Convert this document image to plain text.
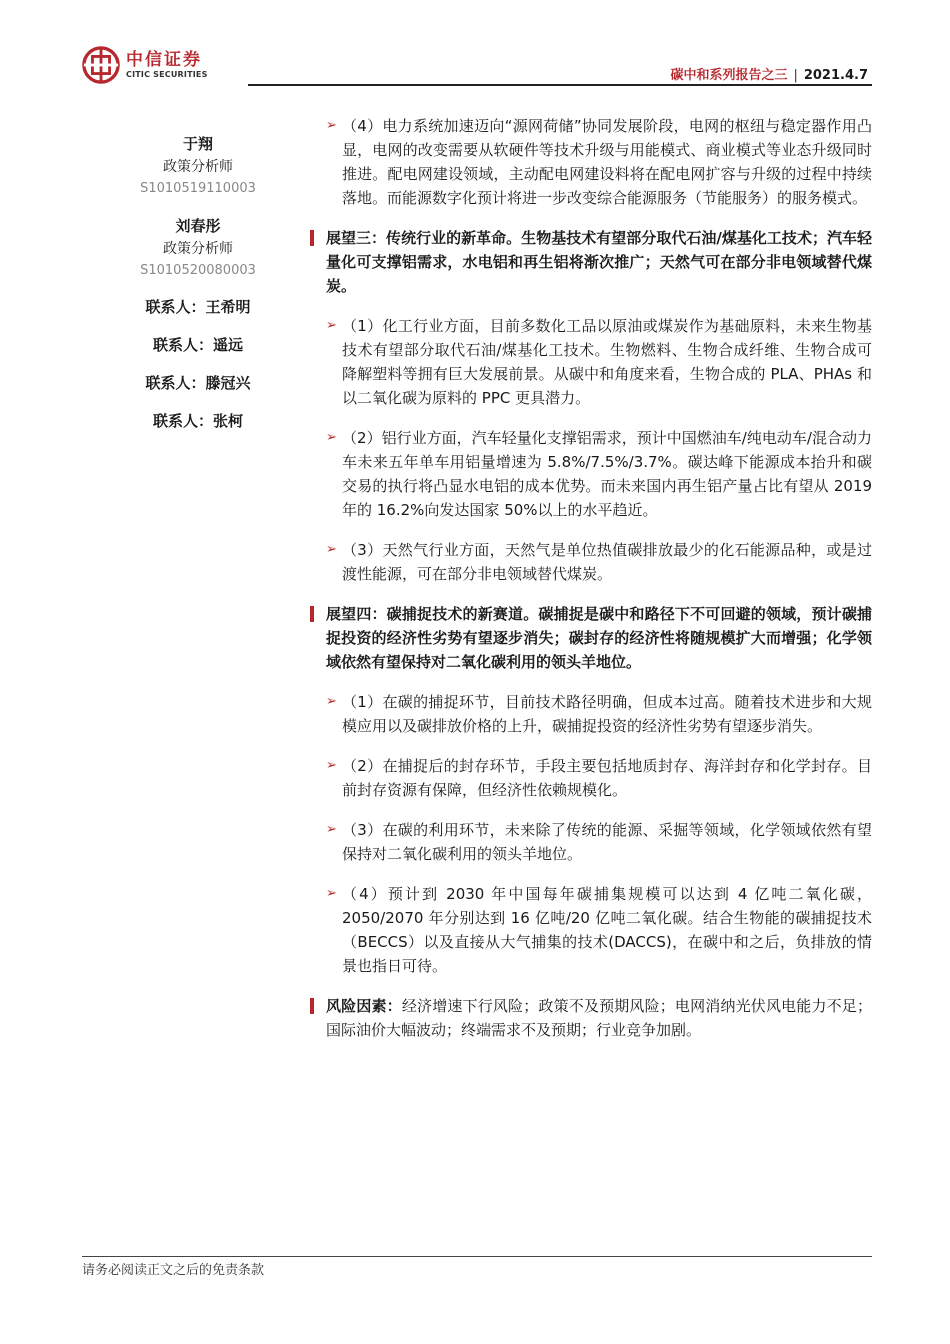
中信证券
CITIC SECURITIES	碳中和系列报告之三 | 2021.4.7
于翔
政策分析师
S1010519110003
刘春彤
政策分析师
S1010520080003
联系人：王希明
联系人：遥远
联系人：滕冠兴
联系人：张柯
➢ （4）电力系统加速迈向“源网荷储”协同发展阶段，电网的枢纽与稳定器作用凸显，电网的改变需要从软硬件等技术升级与用能模式、商业模式等业态升级同时推进。配电网建设领域，主动配电网建设料将在配电网扩容与升级的过程中持续落地。而能源数字化预计将进一步改变综合能源服务（节能服务）的服务模式。
展望三：传统行业的新革命。生物基技术有望部分取代石油/煤基化工技术；汽车轻量化可支撑铝需求，水电铝和再生铝将渐次推广；天然气可在部分非电领域替代煤炭。
➢ （1）化工行业方面，目前多数化工品以原油或煤炭作为基础原料，未来生物基技术有望部分取代石油/煤基化工技术。生物燃料、生物合成纤维、生物合成可降解塑料等拥有巨大发展前景。从碳中和角度来看，生物合成的 PLA、PHAs 和以二氧化碳为原料的 PPC 更具潜力。
➢ （2）铝行业方面，汽车轻量化支撑铝需求，预计中国燃油车/纯电动车/混合动力车未来五年单车用铝量增速为 5.8%/7.5%/3.7%。碳达峰下能源成本抬升和碳交易的执行将凸显水电铝的成本优势。而未来国内再生铝产量占比有望从 2019 年的 16.2%向发达国家 50%以上的水平趋近。
➢ （3）天然气行业方面，天然气是单位热值碳排放最少的化石能源品种，或是过渡性能源，可在部分非电领域替代煤炭。
展望四：碳捕捉技术的新赛道。碳捕捉是碳中和路径下不可回避的领域，预计碳捕捉投资的经济性劣势有望逐步消失；碳封存的经济性将随规模扩大而增强；化学领域依然有望保持对二氧化碳利用的领头羊地位。
➢ （1）在碳的捕捉环节，目前技术路径明确，但成本过高。随着技术进步和大规模应用以及碳排放价格的上升，碳捕捉投资的经济性劣势有望逐步消失。
➢ （2）在捕捉后的封存环节，手段主要包括地质封存、海洋封存和化学封存。目前封存资源有保障，但经济性依赖规模化。
➢ （3）在碳的利用环节，未来除了传统的能源、采掘等领域，化学领域依然有望保持对二氧化碳利用的领头羊地位。
➢ （4）预计到 2030 年中国每年碳捕集规模可以达到 4 亿吨二氧化碳，2050/2070 年分别达到 16 亿吨/20 亿吨二氧化碳。结合生物能的碳捕捉技术（BECCS）以及直接从大气捕集的技术(DACCS)，在碳中和之后，负排放的情景也指日可待。
风险因素：经济增速下行风险；政策不及预期风险；电网消纳光伏风电能力不足；国际油价大幅波动；终端需求不及预期；行业竞争加剧。
请务必阅读正文之后的免责条款
